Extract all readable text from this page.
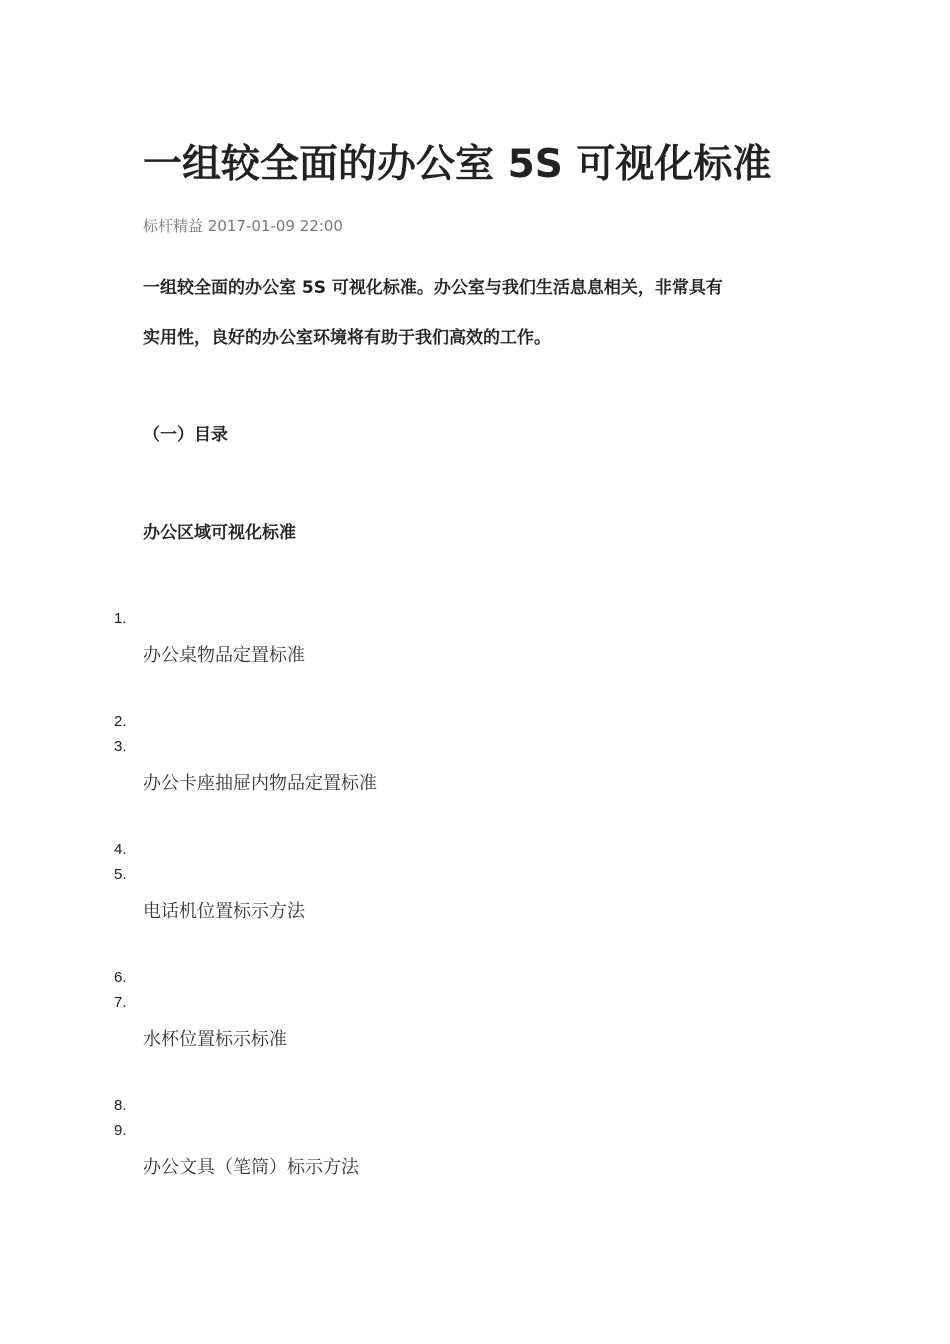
一组较全面的办公室 5S 可视化标准
标杆精益 2017-01-09 22:00

一组较全面的办公室 5S 可视化标准。办公室与我们生活息息相关，非常具有
实用性，良好的办公室环境将有助于我们高效的工作。

（一）目录
办公区域可视化标准
1.
办公桌物品定置标准
2.
3.
办公卡座抽屉内物品定置标准
4.
5.
电话机位置标示方法
6.
7.
水杯位置标示标准
8.
9.
办公文具（笔筒）标示方法
